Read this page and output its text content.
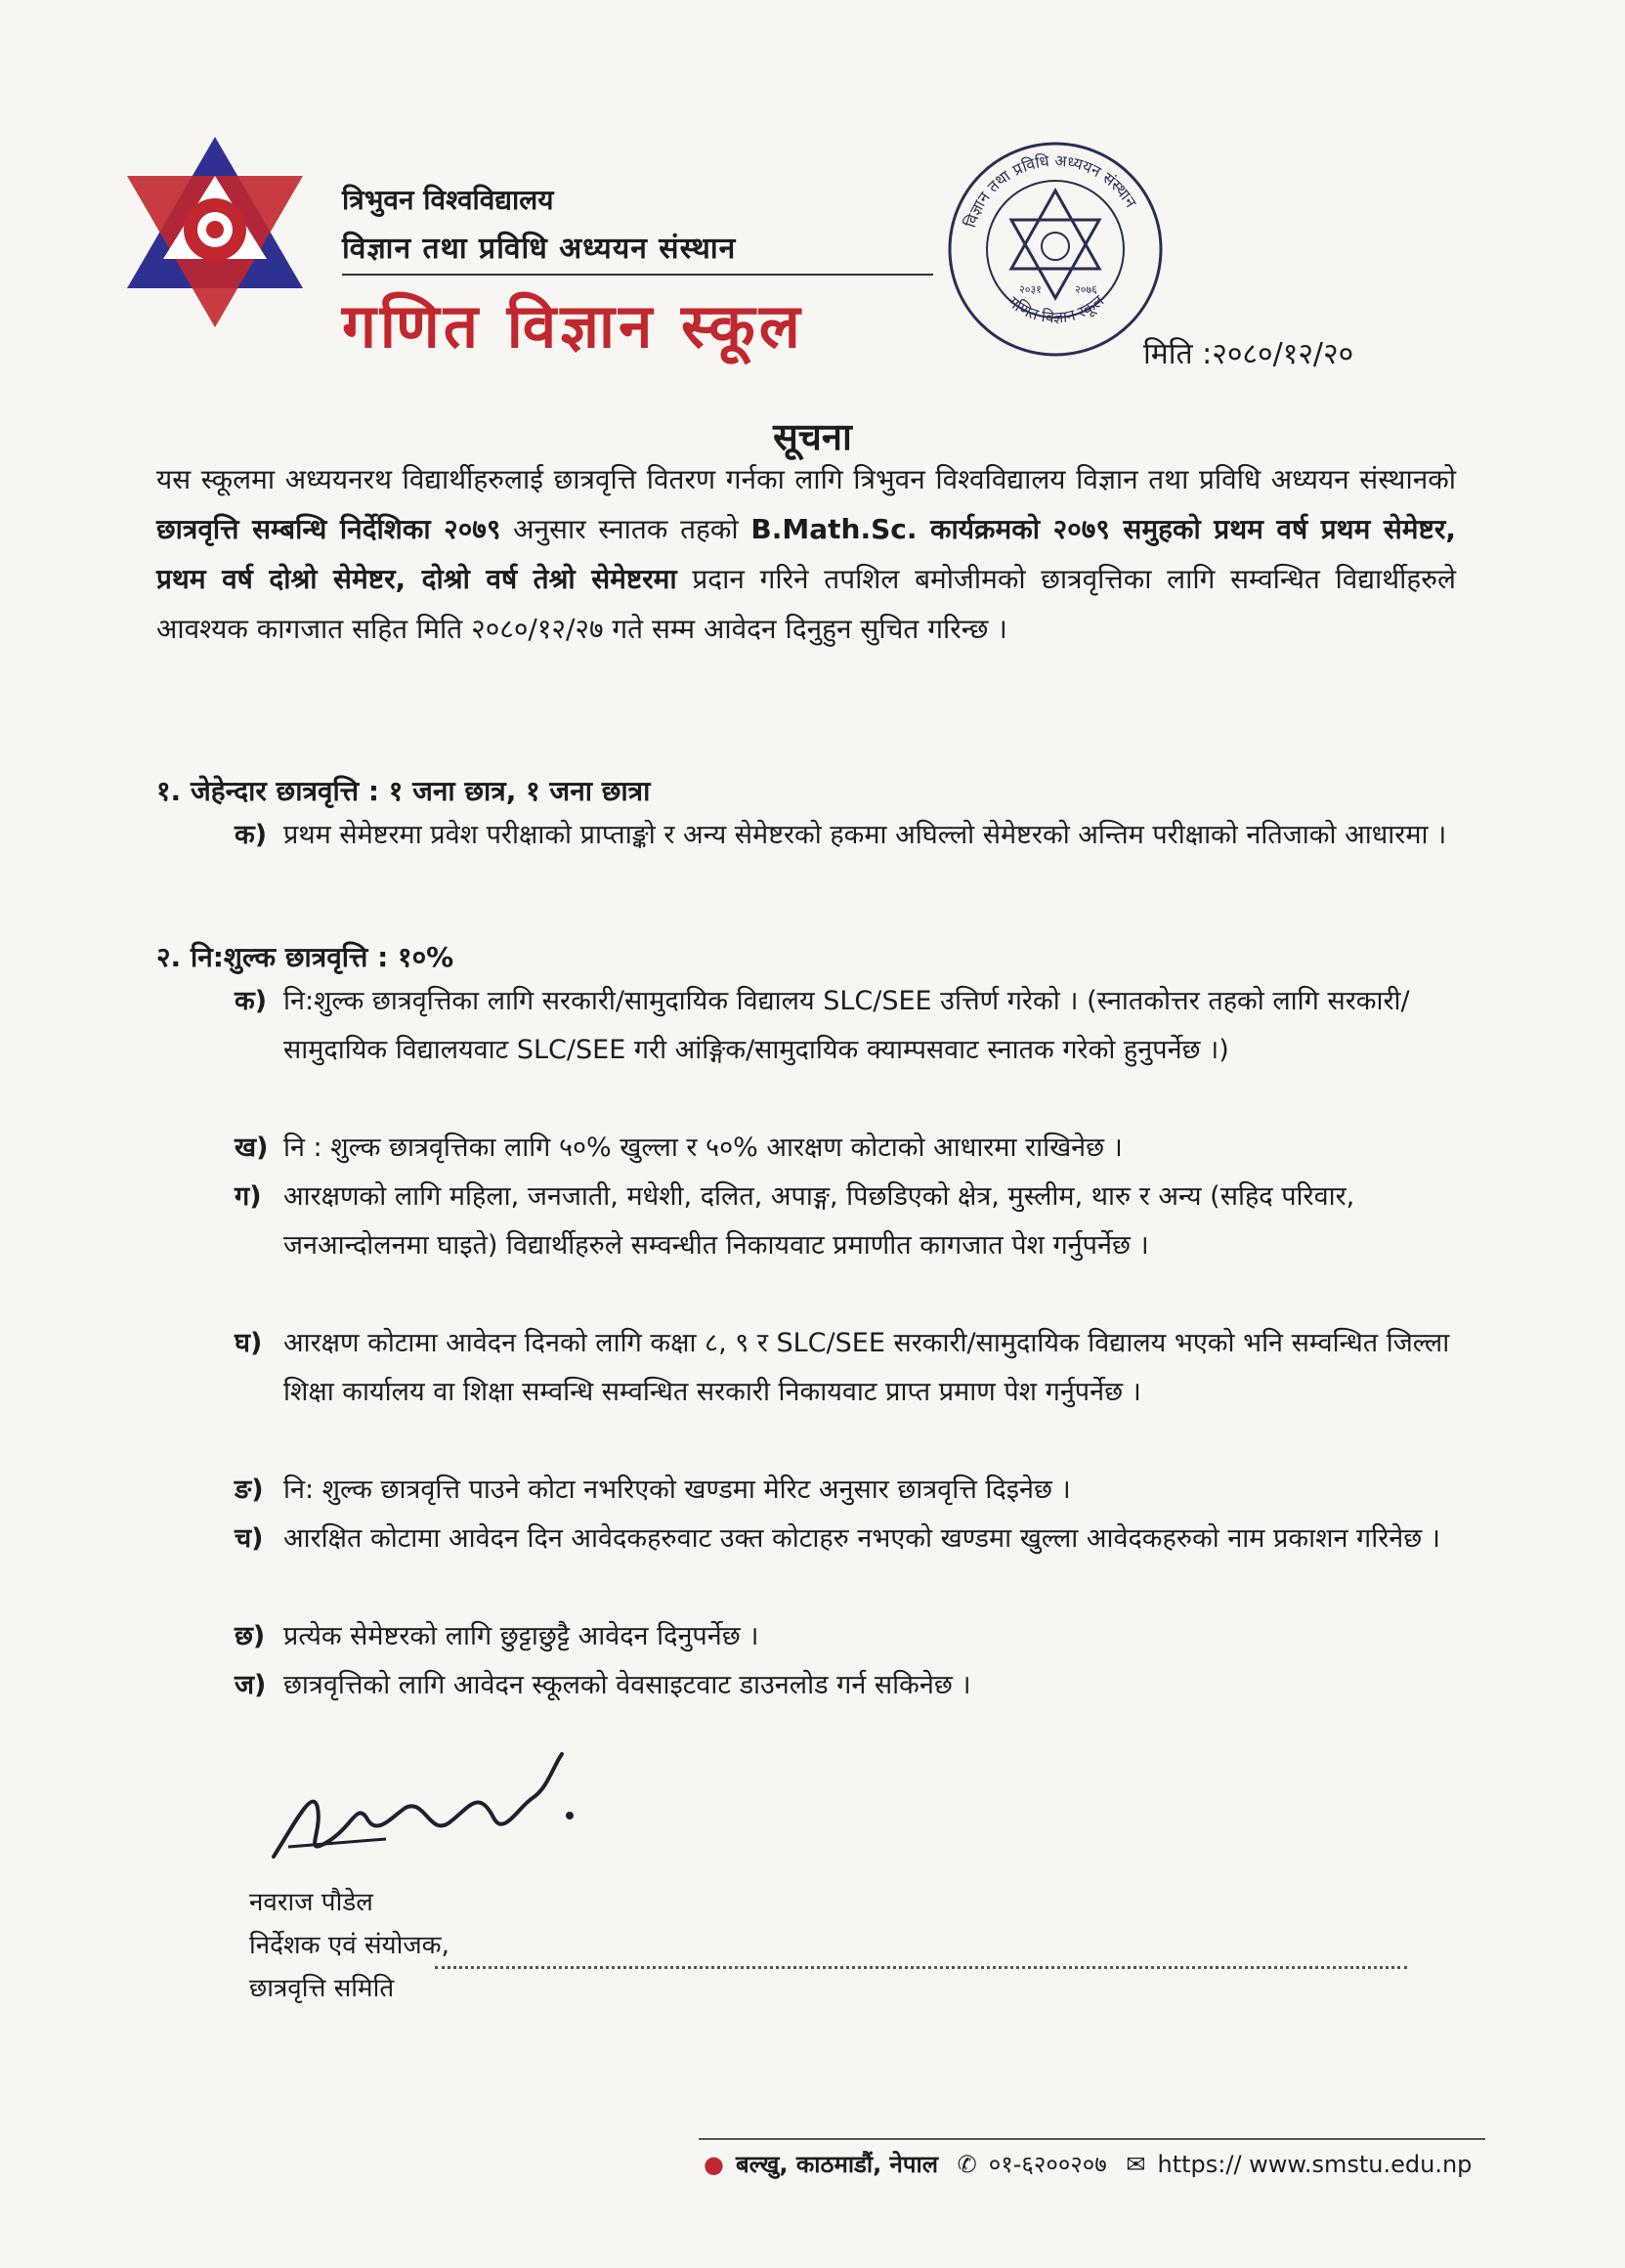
त्रिभुवन विश्वविद्यालय
विज्ञान तथा प्रविधि अध्ययन संस्थान
गणित विज्ञान स्कूल
विज्ञान तथा प्रविधि अध्ययन संस्थान
गणित विज्ञान स्कूल
२०३१	२०७६
मिति :२०८०/१२/२०
सूचना
यस स्कूलमा अध्ययनरथ विद्यार्थीहरुलाई छात्रवृत्ति वितरण गर्नका लागि त्रिभुवन विश्वविद्यालय विज्ञान तथा प्रविधि अध्ययन संस्थानको छात्रवृत्ति सम्बन्धि निर्देशिका २०७९ अनुसार स्नातक तहको B.Math.Sc. कार्यक्रमको २०७९ समुहको प्रथम वर्ष प्रथम सेमेष्टर, प्रथम वर्ष दोश्रो सेमेष्टर, दोश्रो वर्ष तेश्रो सेमेष्टरमा प्रदान गरिने तपशिल बमोजीमको छात्रवृत्तिका लागि सम्वन्धित विद्यार्थीहरुले आवश्यक कागजात सहित मिति २०८०/१२/२७ गते सम्म आवेदन दिनुहुन सुचित गरिन्छ ।
१. जेहेन्दार छात्रवृत्ति : १ जना छात्र, १ जना छात्रा
क) प्रथम सेमेष्टरमा प्रवेश परीक्षाको प्राप्ताङ्को र अन्य सेमेष्टरको हकमा अघिल्लो सेमेष्टरको अन्तिम परीक्षाको नतिजाको आधारमा ।
२. नि:शुल्क छात्रवृत्ति : १०%
क) नि:शुल्क छात्रवृत्तिका लागि सरकारी/सामुदायिक विद्यालय SLC/SEE उत्तिर्ण गरेको । (स्नातकोत्तर तहको लागि सरकारी/सामुदायिक विद्यालयवाट SLC/SEE गरी आंङ्गिक/सामुदायिक क्याम्पसवाट स्नातक गरेको हुनुपर्नेछ ।)
ख) नि : शुल्क छात्रवृत्तिका लागि ५०% खुल्ला र ५०% आरक्षण कोटाको आधारमा राखिनेछ ।
ग) आरक्षणको लागि महिला, जनजाती, मधेशी, दलित, अपाङ्ग, पिछडिएको क्षेत्र, मुस्लीम, थारु र अन्य (सहिद परिवार, जनआन्दोलनमा घाइते) विद्यार्थीहरुले सम्वन्धीत निकायवाट प्रमाणीत कागजात पेश गर्नुपर्नेछ ।
घ) आरक्षण कोटामा आवेदन दिनको लागि कक्षा ८, ९ र SLC/SEE सरकारी/सामुदायिक विद्यालय भएको भनि सम्वन्धित जिल्ला शिक्षा कार्यालय वा शिक्षा सम्वन्धि सम्वन्धित सरकारी निकायवाट प्राप्त प्रमाण पेश गर्नुपर्नेछ ।
ङ) नि: शुल्क छात्रवृत्ति पाउने कोटा नभरिएको खण्डमा मेरिट अनुसार छात्रवृत्ति दिइनेछ ।
च) आरक्षित कोटामा आवेदन दिन आवेदकहरुवाट उक्त कोटाहरु नभएको खण्डमा खुल्ला आवेदकहरुको नाम प्रकाशन गरिनेछ ।
छ) प्रत्येक सेमेष्टरको लागि छुट्टाछुट्टै आवेदन दिनुपर्नेछ ।
ज) छात्रवृत्तिको लागि आवेदन स्कूलको वेवसाइटवाट डाउनलोड गर्न सकिनेछ ।
नवराज पौडेल
निर्देशक एवं संयोजक,
छात्रवृत्ति समिति
● बल्खु, काठमाडौं, नेपाल ✆ ०१-६२००२०७ ✉ https:// www.smstu.edu.np
